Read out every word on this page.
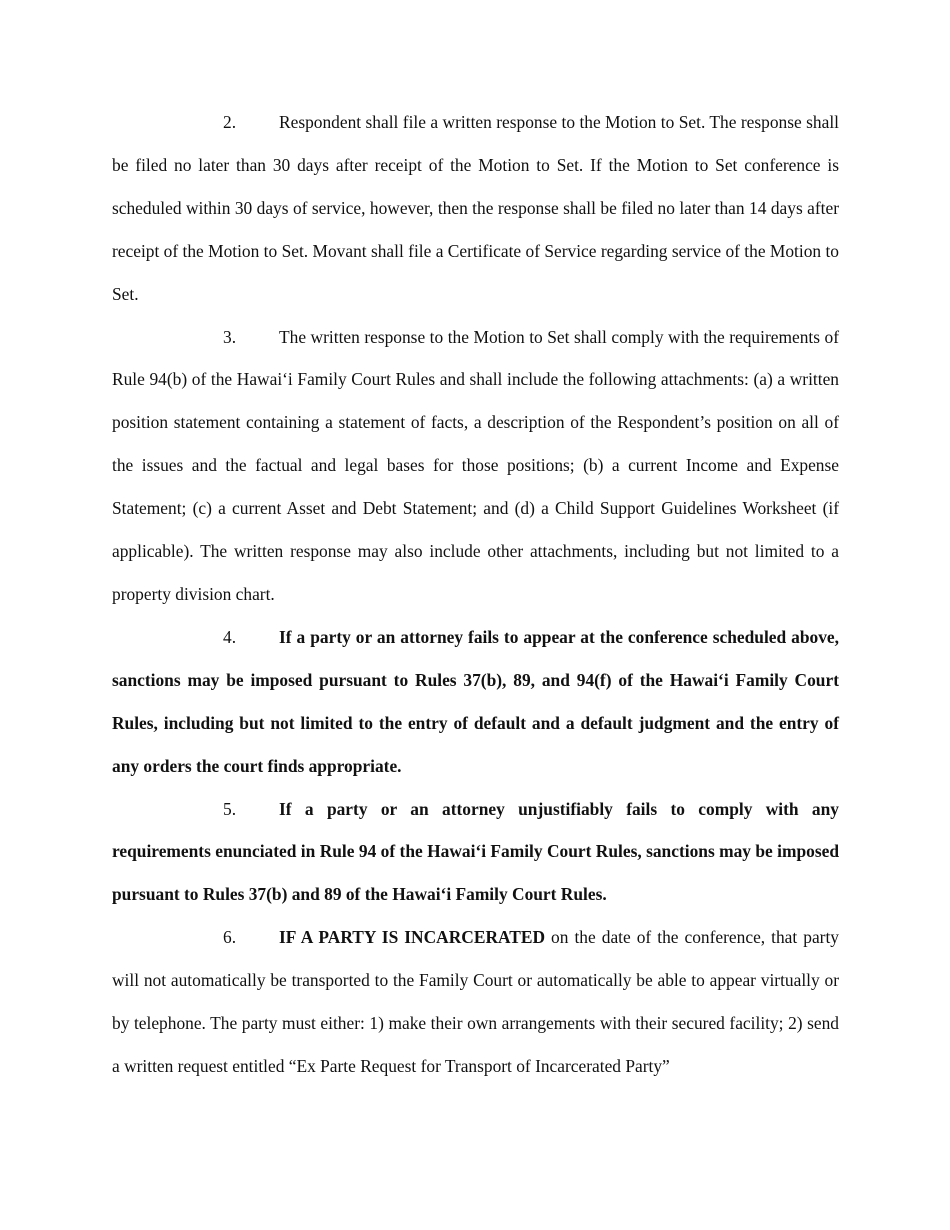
2. Respondent shall file a written response to the Motion to Set. The response shall be filed no later than 30 days after receipt of the Motion to Set. If the Motion to Set conference is scheduled within 30 days of service, however, then the response shall be filed no later than 14 days after receipt of the Motion to Set. Movant shall file a Certificate of Service regarding service of the Motion to Set.

3. The written response to the Motion to Set shall comply with the requirements of Rule 94(b) of the Hawai‘i Family Court Rules and shall include the following attachments: (a) a written position statement containing a statement of facts, a description of the Respondent’s position on all of the issues and the factual and legal bases for those positions; (b) a current Income and Expense Statement; (c) a current Asset and Debt Statement; and (d) a Child Support Guidelines Worksheet (if applicable). The written response may also include other attachments, including but not limited to a property division chart.

4. If a party or an attorney fails to appear at the conference scheduled above, sanctions may be imposed pursuant to Rules 37(b), 89, and 94(f) of the Hawai‘i Family Court Rules, including but not limited to the entry of default and a default judgment and the entry of any orders the court finds appropriate.

5. If a party or an attorney unjustifiably fails to comply with any requirements enunciated in Rule 94 of the Hawai‘i Family Court Rules, sanctions may be imposed pursuant to Rules 37(b) and 89 of the Hawai‘i Family Court Rules.

6. IF A PARTY IS INCARCERATED on the date of the conference, that party will not automatically be transported to the Family Court or automatically be able to appear virtually or by telephone. The party must either: 1) make their own arrangements with their secured facility; 2) send a written request entitled “Ex Parte Request for Transport of Incarcerated Party”
